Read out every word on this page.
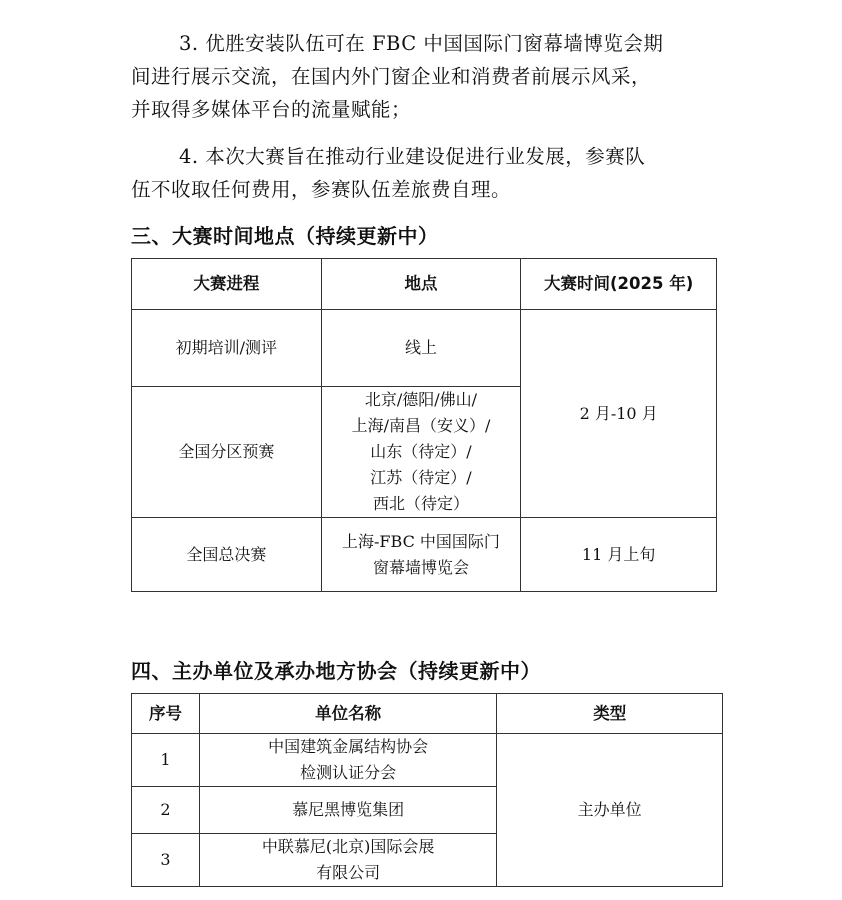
3. 优胜安装队伍可在 FBC 中国国际门窗幕墙博览会期
间进行展示交流，在国内外门窗企业和消费者前展示风采，
并取得多媒体平台的流量赋能；
4. 本次大赛旨在推动行业建设促进行业发展，参赛队
伍不收取任何费用，参赛队伍差旅费自理。
三、大赛时间地点（持续更新中）
大赛进程	地点	大赛时间(2025 年)
初期培训/测评	线上	2 月-10 月
全国分区预赛	北京/德阳/佛山/
上海/南昌（安义）/
山东（待定）/
江苏（待定）/
西北（待定）	

全国总决赛	上海-FBC 中国国际门
窗幕墙博览会	11 月上旬
四、主办单位及承办地方协会（持续更新中）
序号	单位名称	类型
1	中国建筑金属结构协会
检测认证分会	主办单位
2	慕尼黑博览集团	

3	中联慕尼(北京)国际会展
有限公司	
